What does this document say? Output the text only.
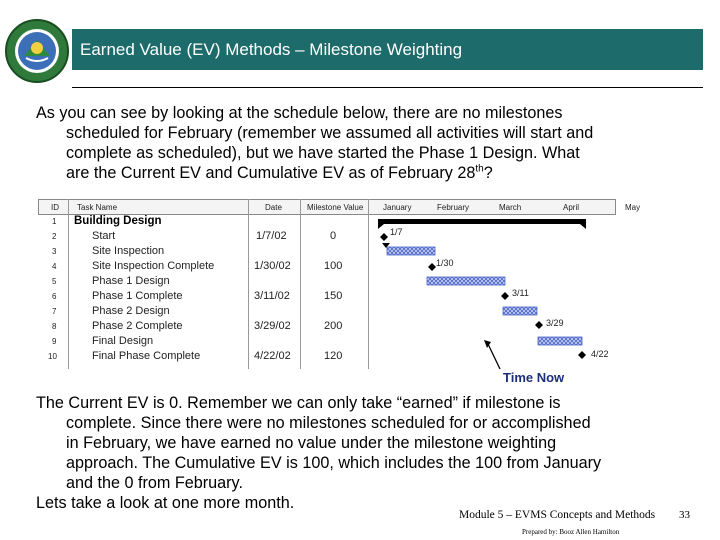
Earned Value (EV) Methods – Milestone Weighting
As you can see by looking at the schedule below, there are no milestones
scheduled for February (remember we assumed all activities will start and
complete as scheduled), but we have started the Phase 1 Design. What
are the Current EV and Cumulative EV as of February 28th?
ID Task Name	Date	Milestone Value January	February	March	April	May
1 Building Design
2	Start	1/7/02	0
3	Site Inspection
4	Site Inspection Complete	1/30/02	100
5	Phase 1 Design
6	Phase 1 Complete	3/11/02	150
7	Phase 2 Design
8	Phase 2 Complete	3/29/02	200
9	Final Design
10	Final Phase Complete	4/22/02	120
1/7
1/30
3/11
3/29
4/22
Time Now
The Current EV is 0. Remember we can only take “earned” if milestone is
complete. Since there were no milestones scheduled for or accomplished
in February, we have earned no value under the milestone weighting
approach. The Cumulative EV is 100, which includes the 100 from January
and the 0 from February.
Lets take a look at one more month.
Module 5 – EVMS Concepts and Methods
Prepared by: Booz Allen Hamilton
33
